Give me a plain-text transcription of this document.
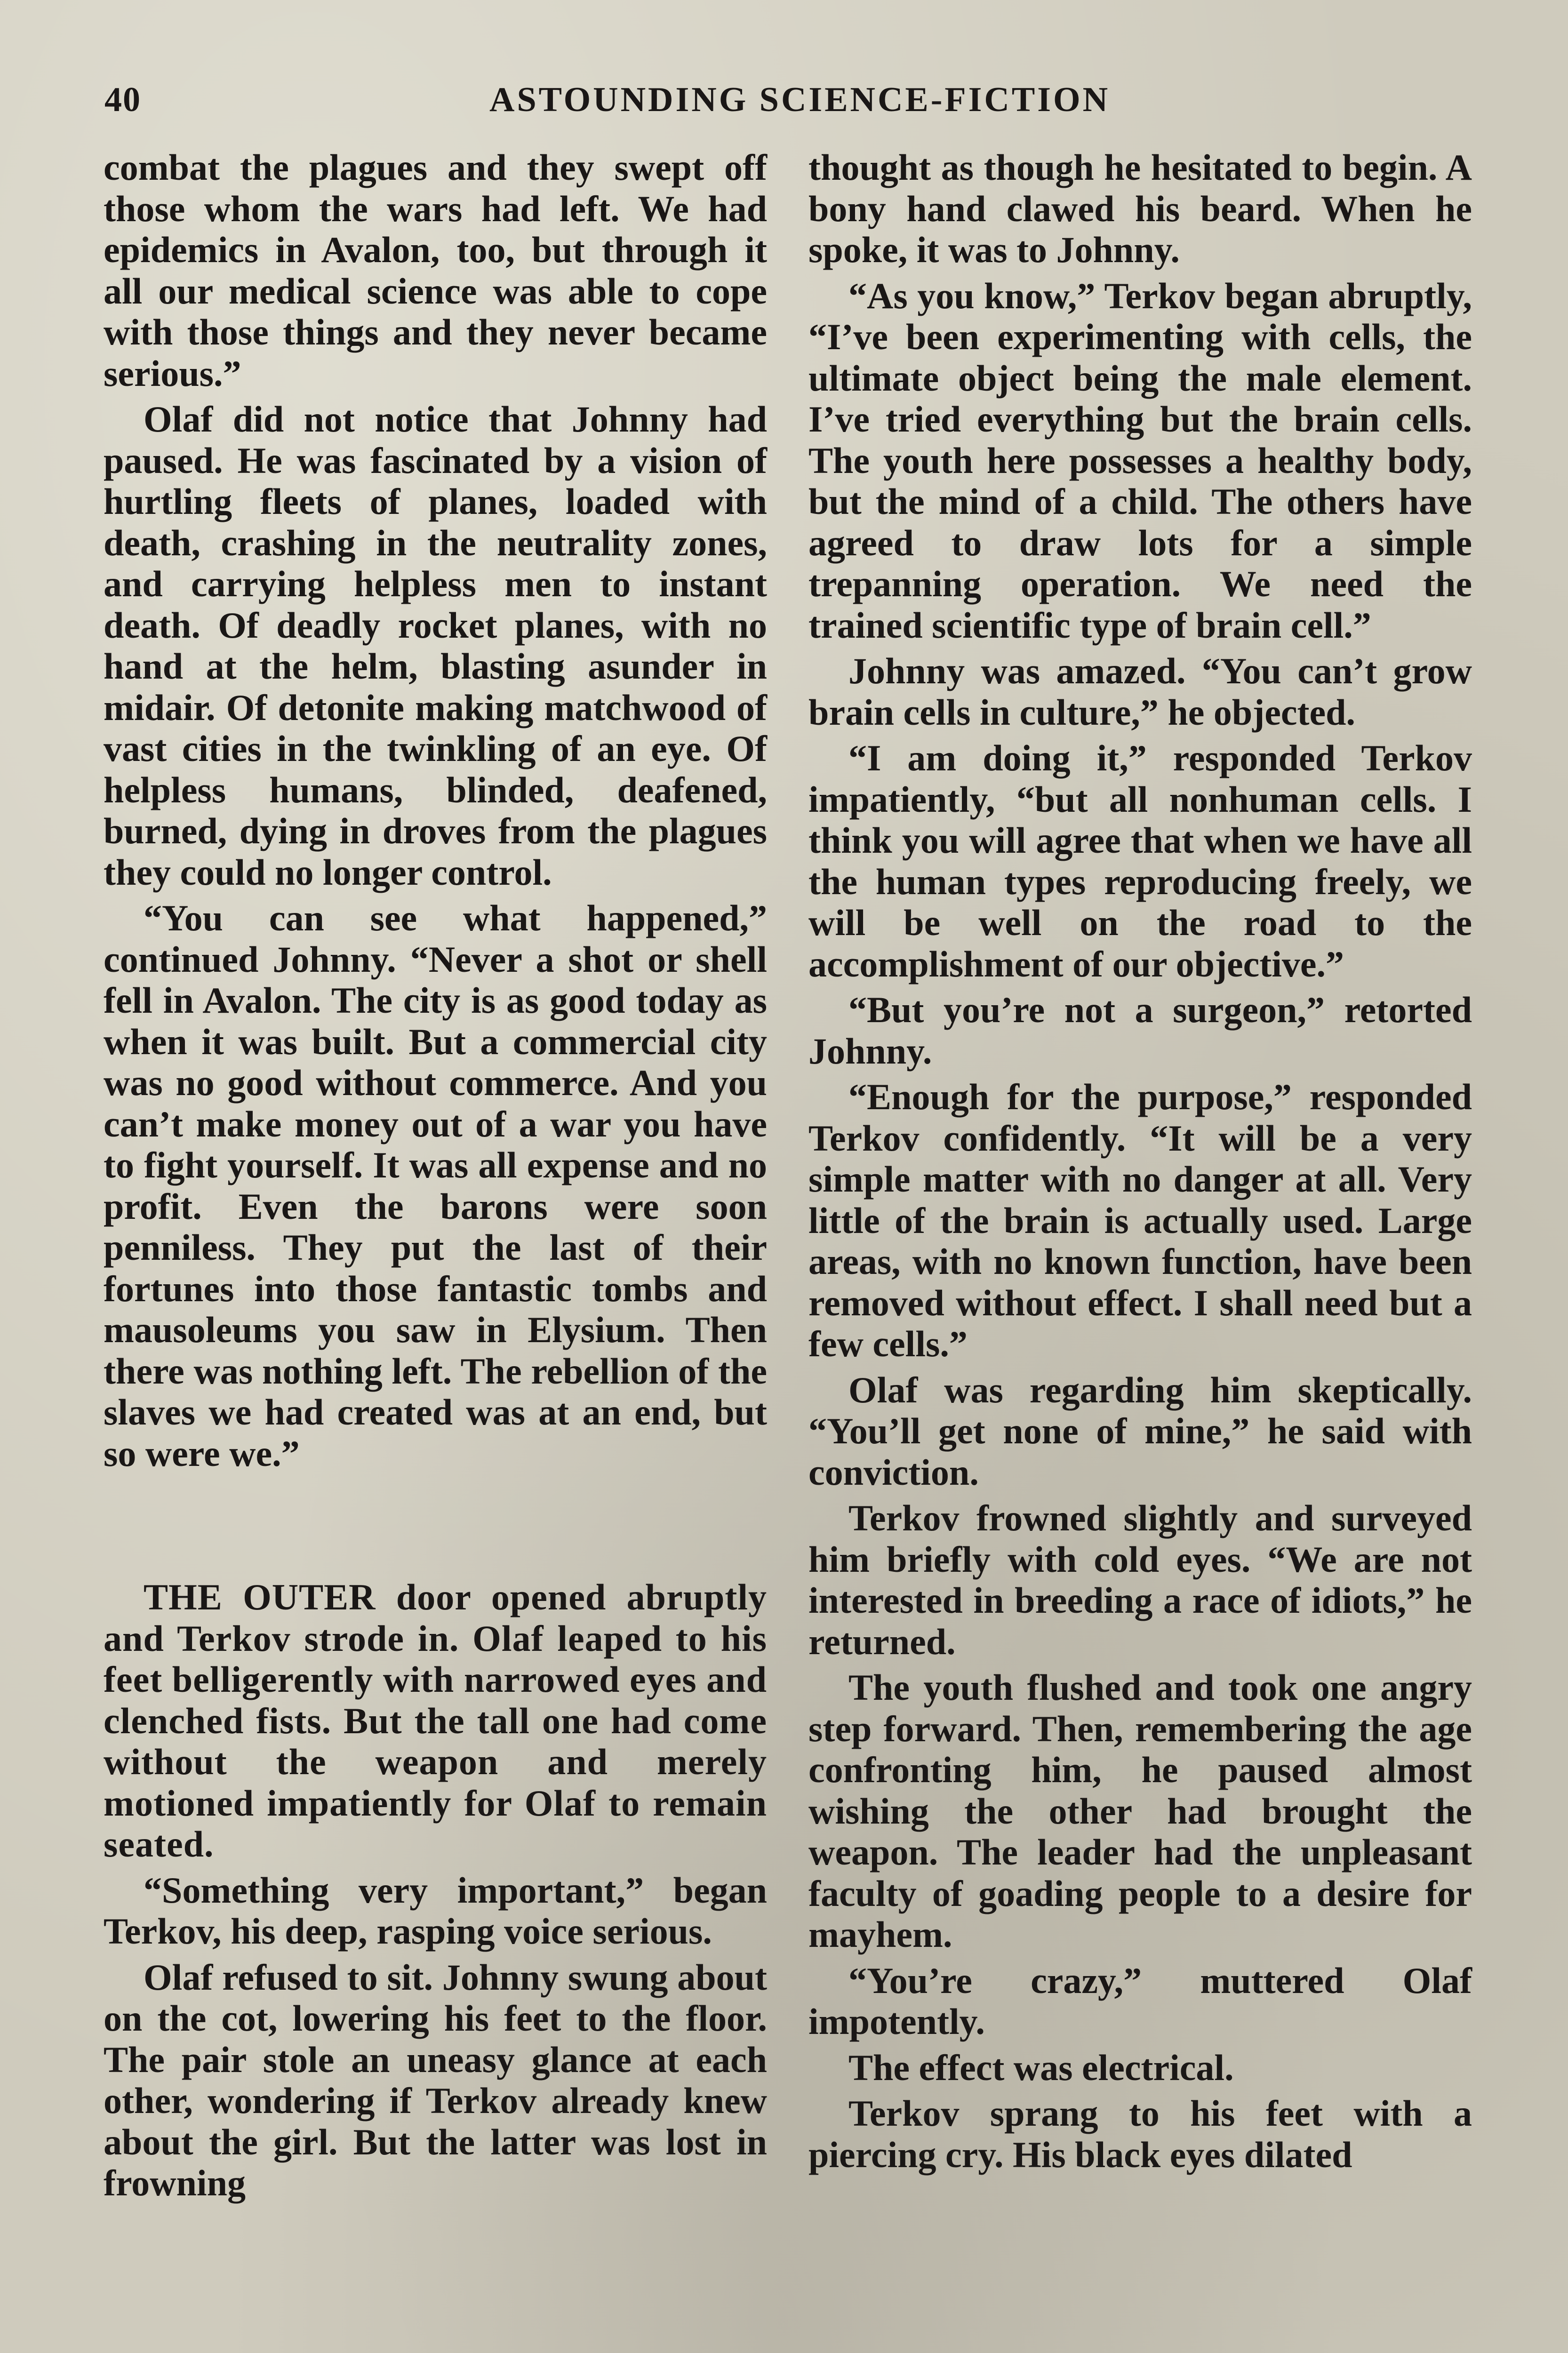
40	ASTOUNDING SCIENCE-FICTION

combat the plagues and they swept off those whom the wars had left. We had epidemics in Avalon, too, but through it all our medical science was able to cope with those things and they never became serious.”

Olaf did not notice that Johnny had paused. He was fascinated by a vision of hurtling fleets of planes, loaded with death, crashing in the neutrality zones, and carrying helpless men to instant death. Of deadly rocket planes, with no hand at the helm, blasting asunder in midair. Of detonite making matchwood of vast cities in the twinkling of an eye. Of helpless humans, blinded, deafened, burned, dying in droves from the plagues they could no longer control.

“You can see what happened,” continued Johnny. “Never a shot or shell fell in Avalon. The city is as good today as when it was built. But a commercial city was no good without commerce. And you can’t make money out of a war you have to fight yourself. It was all expense and no profit. Even the barons were soon penniless. They put the last of their fortunes into those fantastic tombs and mausoleums you saw in Elysium. Then there was nothing left. The rebellion of the slaves we had created was at an end, but so were we.”

THE OUTER door opened abruptly and Terkov strode in. Olaf leaped to his feet belligerently with narrowed eyes and clenched fists. But the tall one had come without the weapon and merely motioned impatiently for Olaf to remain seated.

“Something very important,” began Terkov, his deep, rasping voice serious.

Olaf refused to sit. Johnny swung about on the cot, lowering his feet to the floor. The pair stole an uneasy glance at each other, wondering if Terkov already knew about the girl. But the latter was lost in frowning

thought as though he hesitated to begin. A bony hand clawed his beard. When he spoke, it was to Johnny.

“As you know,” Terkov began abruptly, “I’ve been experimenting with cells, the ultimate object being the male element. I’ve tried everything but the brain cells. The youth here possesses a healthy body, but the mind of a child. The others have agreed to draw lots for a simple trepanning operation. We need the trained scientific type of brain cell.”

Johnny was amazed. “You can’t grow brain cells in culture,” he objected.

“I am doing it,” responded Terkov impatiently, “but all nonhuman cells. I think you will agree that when we have all the human types reproducing freely, we will be well on the road to the accomplishment of our objective.”

“But you’re not a surgeon,” retorted Johnny.

“Enough for the purpose,” responded Terkov confidently. “It will be a very simple matter with no danger at all. Very little of the brain is actually used. Large areas, with no known function, have been removed without effect. I shall need but a few cells.”

Olaf was regarding him skeptically. “You’ll get none of mine,” he said with conviction.

Terkov frowned slightly and surveyed him briefly with cold eyes. “We are not interested in breeding a race of idiots,” he returned.

The youth flushed and took one angry step forward. Then, remembering the age confronting him, he paused almost wishing the other had brought the weapon. The leader had the unpleasant faculty of goading people to a desire for mayhem.

“You’re crazy,” muttered Olaf impotently.

The effect was electrical.

Terkov sprang to his feet with a piercing cry. His black eyes dilated
